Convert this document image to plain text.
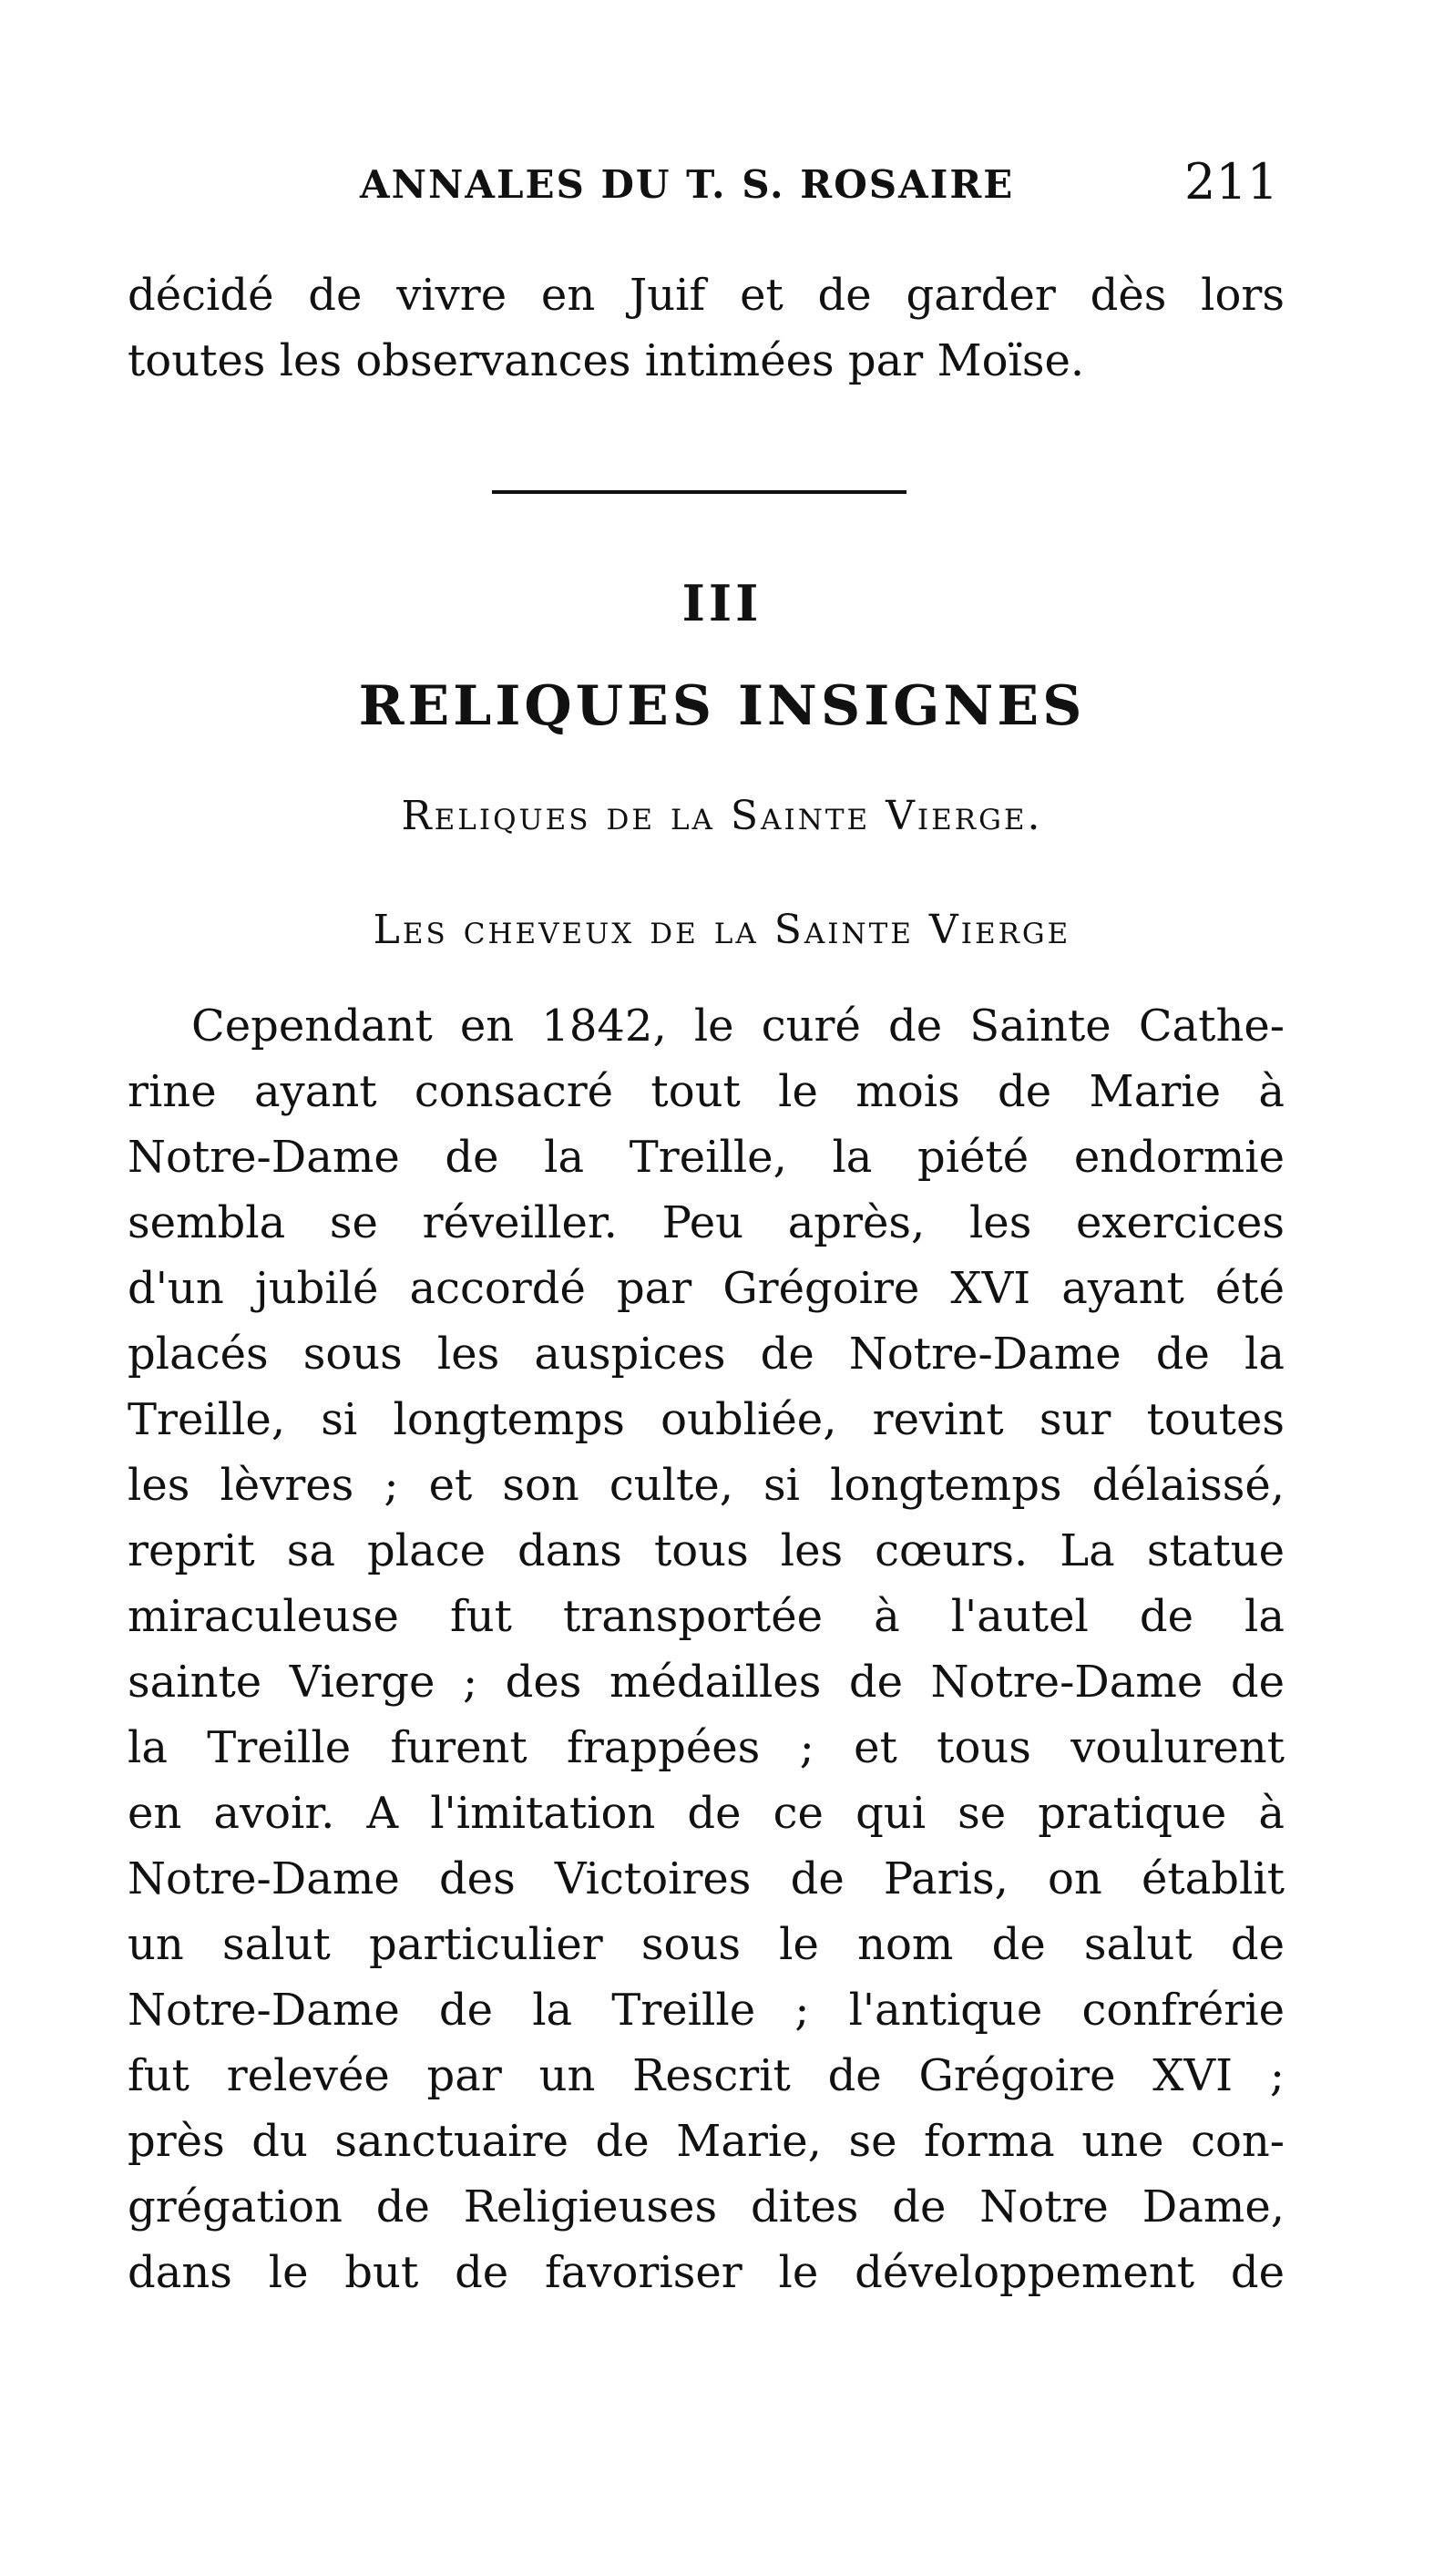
ANNALES DU T. S. ROSAIRE	211
décidé de vivre en Juif et de garder dès lors
toutes les observances intimées par Moïse.
III
RELIQUES INSIGNES
Reliques de la Sainte Vierge.
Les cheveux de la Sainte Vierge
Cependant en 1842, le curé de Sainte Cathe-
rine ayant consacré tout le mois de Marie à
Notre-Dame de la Treille, la piété endormie
sembla se réveiller. Peu après, les exercices
d'un jubilé accordé par Grégoire XVI ayant été
placés sous les auspices de Notre-Dame de la
Treille, si longtemps oubliée, revint sur toutes
les lèvres ; et son culte, si longtemps délaissé,
reprit sa place dans tous les cœurs. La statue
miraculeuse fut transportée à l'autel de la
sainte Vierge ; des médailles de Notre-Dame de
la Treille furent frappées ; et tous voulurent
en avoir. A l'imitation de ce qui se pratique à
Notre-Dame des Victoires de Paris, on établit
un salut particulier sous le nom de salut de
Notre-Dame de la Treille ; l'antique confrérie
fut relevée par un Rescrit de Grégoire XVI ;
près du sanctuaire de Marie, se forma une con-
grégation de Religieuses dites de Notre Dame,
dans le but de favoriser le développement de
